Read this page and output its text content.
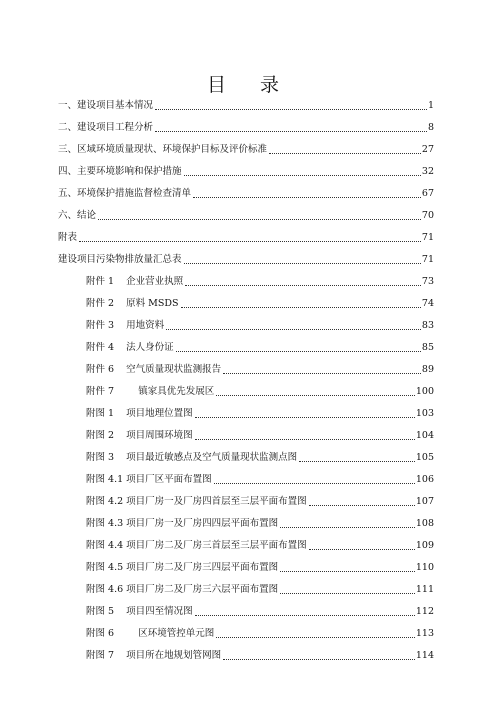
目 录
一、建设项目基本情况	1
二、建设项目工程分析	8
三、区域环境质量现状、环境保护目标及评价标准	27
四、主要环境影响和保护措施	32
五、环境保护措施监督检查清单	67
六、结论	70
附表	71
建设项目污染物排放量汇总表	71
附件 1    企业营业执照	73
附件 2    原料 MSDS	74
附件 3    用地资料	83
附件 4    法人身份证	85
附件 6    空气质量现状监测报告	89
附件 7        镇家具优先发展区	100
附图 1    项目地理位置图	103
附图 2    项目周围环境图	104
附图 3    项目最近敏感点及空气质量现状监测点图	105
附图 4.1 项目厂区平面布置图	106
附图 4.2 项目厂房一及厂房四首层至三层平面布置图	107
附图 4.3 项目厂房一及厂房四四层平面布置图	108
附图 4.4 项目厂房二及厂房三首层至三层平面布置图	109
附图 4.5 项目厂房二及厂房三四层平面布置图	110
附图 4.6 项目厂房二及厂房三六层平面布置图	111
附图 5    项目四至情况图	112
附图 6        区环境管控单元图	113
附图 7    项目所在地规划管网图	114
